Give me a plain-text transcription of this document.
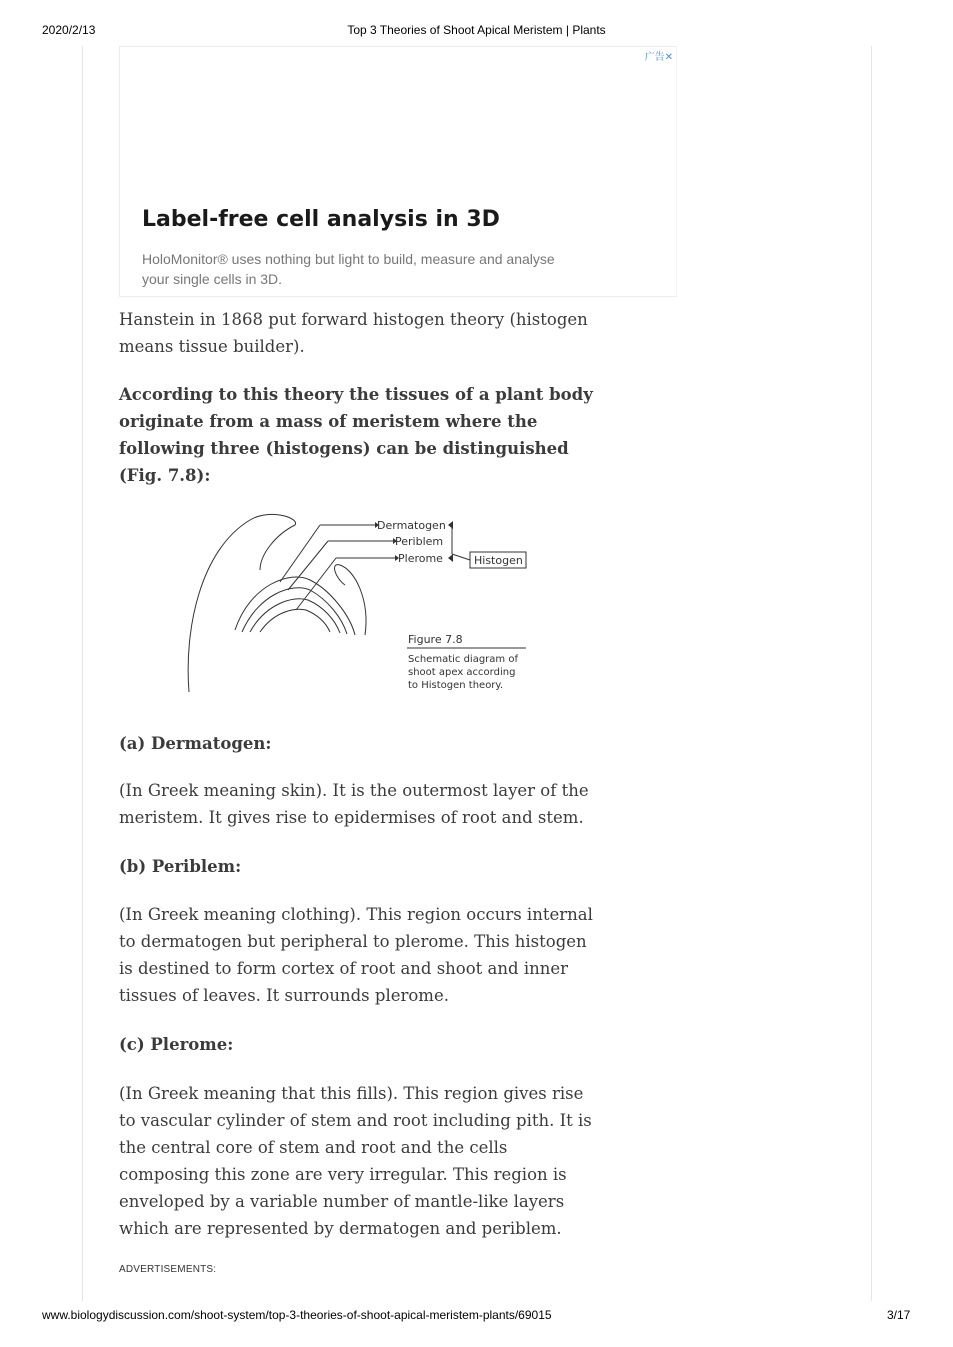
2020/2/13	Top 3 Theories of Shoot Apical Meristem | Plants
广告✕
Label-free cell analysis in 3D
HoloMonitor® uses nothing but light to build, measure and analyse your single cells in 3D.

Hanstein in 1868 put forward histogen theory (histogen means tissue builder).

According to this theory the tissues of a plant body originate from a mass of meristem where the following three (histogens) can be distinguished (Fig. 7.8):

Dermatogen
Periblem
Plerome	Histogen
Figure 7.8
Schematic diagram of
shoot apex according
to Histogen theory.

(a) Dermatogen:

(In Greek meaning skin). It is the outermost layer of the meristem. It gives rise to epidermises of root and stem.

(b) Periblem:

(In Greek meaning clothing). This region occurs internal to dermatogen but peripheral to plerome. This histogen is destined to form cortex of root and shoot and inner tissues of leaves. It surrounds plerome.

(c) Plerome:

(In Greek meaning that this fills). This region gives rise to vascular cylinder of stem and root including pith. It is the central core of stem and root and the cells composing this zone are very irregular. This region is enveloped by a variable number of mantle-like layers which are represented by dermatogen and periblem.

ADVERTISEMENTS:
www.biologydiscussion.com/shoot-system/top-3-theories-of-shoot-apical-meristem-plants/69015	3/17
